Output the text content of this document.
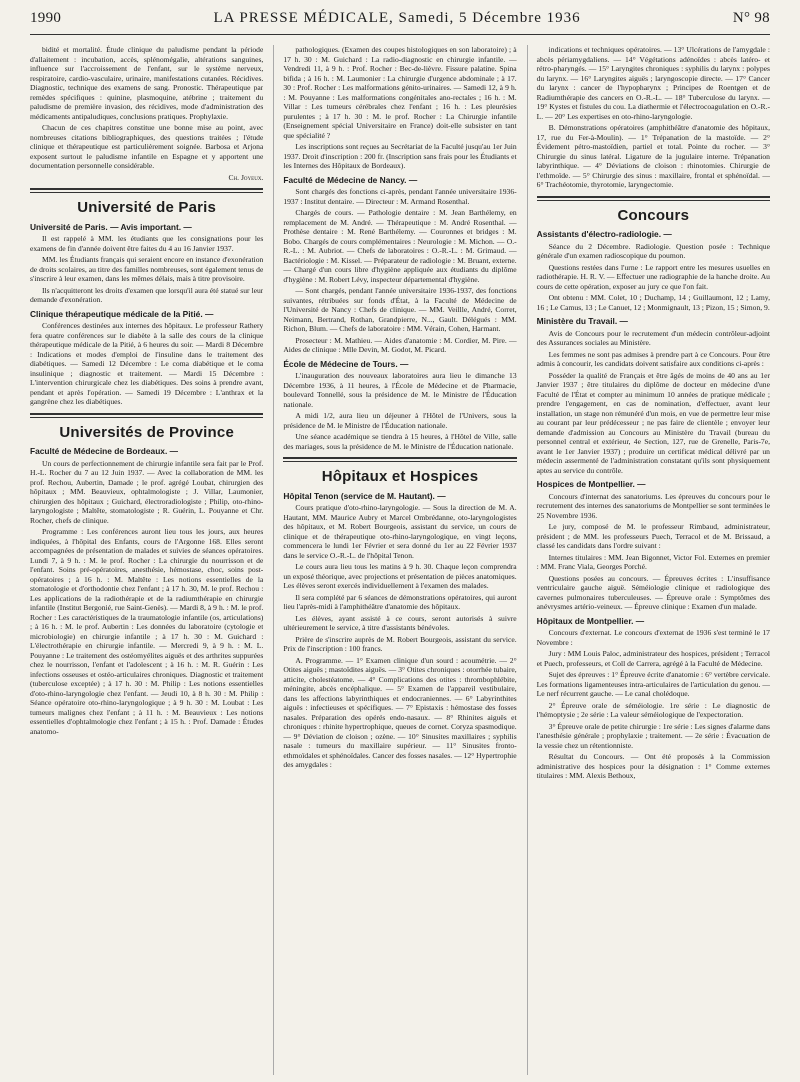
1990	LA PRESSE MÉDICALE, Samedi, 5 Décembre 1936	N° 98

bidité et mortalité. Étude clinique du paludisme pendant la période d'allaitement : incubation, accès, splénomégalie, altérations sanguines, influence sur l'accroissement de l'enfant, sur le système nerveux, respiratoire, cardio-vasculaire, urinaire, manifestations cutanées. Récidives. Diagnostic, technique des examens de sang. Pronostic. Thérapeutique par remèdes spécifiques : quinine, plasmoquine, atébrine ; traitement du paludisme de première invasion, des récidives, mode d'administration des médicaments antipaludiques, conclusions pratiques. Prophylaxie.

Chacun de ces chapitres constitue une bonne mise au point, avec nombreuses citations bibliographiques, des questions traitées ; l'étude clinique et thérapeutique est particulièrement soignée. Barbosa et Arjona exposent surtout le paludisme infantile en Espagne et y apportent une documentation personnelle considérable.

Ch. Joyeux.
Université de Paris
Université de Paris. — Avis important. —

Il est rappelé à MM. les étudiants que les consignations pour les examens de fin d'année doivent être faites du 4 au 16 Janvier 1937.

MM. les Étudiants français qui seraient encore en instance d'exonération de droits scolaires, au titre des familles nombreuses, sont également tenus de s'inscrire à leur examen, dans les mêmes délais, mais à titre provisoire.

Ils n'acquitteront les droits d'examen que lorsqu'il aura été statué sur leur demande d'exonération.

Clinique thérapeutique médicale de la Pitié. —

Conférences destinées aux internes des hôpitaux. Le professeur Rathery fera quatre conférences sur le diabète à la salle des cours de la clinique thérapeutique médicale de la Pitié, à 6 heures du soir. — Mardi 8 Décembre : Indications et modes d'emploi de l'insuline dans le traitement des diabétiques. — Samedi 12 Décembre : Le coma diabétique et le coma insulinique ; diagnostic et traitement. — Mardi 15 Décembre : L'intervention chirurgicale chez les diabétiques. Des soins à prendre avant, pendant et après l'opération. — Samedi 19 Décembre : L'anthrax et la gangrène chez les diabétiques.

Universités de Province
Faculté de Médecine de Bordeaux. —

Un cours de perfectionnement de chirurgie infantile sera fait par le Prof. H.-L. Rocher du 7 au 12 Juin 1937. — Avec la collaboration de MM. les prof. Rechou, Aubertin, Damade ; le prof. agrégé Loubat, chirurgien des hôpitaux ; MM. Beauvieux, ophtalmologiste ; J. Villar, Laumonier, chirurgien des hôpitaux ; Guichard, électroradiologiste ; Philip, oto-rhino-laryngologiste ; Maltête, stomatologiste ; R. Guérin, L. Pouyanne et Chr. Rocher, chefs de clinique.

Programme : Les conférences auront lieu tous les jours, aux heures indiquées, à l'hôpital des Enfants, cours de l'Argonne 168. Elles seront accompagnées de présentation de malades et suivies de séances opératoires. Lundi 7, à 9 h. : M. le prof. Rocher : La chirurgie du nourrisson et de l'enfant. Soins pré-opératoires, anesthésie, hémostase, choc, soins post-opératoires ; à 16 h. : M. Maltête : Les notions essentielles de la stomatologie et d'orthodontie chez l'enfant ; à 17 h. 30, M. le prof. Rechou : Les applications de la radiothérapie et de la radiumthérapie en chirurgie infantile (Institut Bergonié, rue Saint-Genès). — Mardi 8, à 9 h. : M. le prof. Rocher : Les caractéristiques de la traumatologie infantile (os, articulations) ; à 16 h. : M. le prof. Aubertin : Les données du laboratoire (cytologie et microbiologie) en chirurgie infantile ; à 17 h. 30 : M. Guichard : L'électrothérapie en chirurgie infantile. — Mercredi 9, à 9 h. : M. L. Pouyanne : Le traitement des ostéomyélites aiguës et des arthrites suppurées chez le nourrisson, l'enfant et l'adolescent ; à 16 h. : M. R. Guérin : Les infections osseuses et ostéo-articulaires chroniques. Diagnostic et traitement (tuberculose exceptée) ; à 17 h. 30 : M. Philip : Les notions essentielles d'oto-rhino-laryngologie chez l'enfant. — Jeudi 10, à 8 h. 30 : M. Philip : Séance opératoire oto-rhino-laryngologique ; à 9 h. 30 : M. Loubat : Les tumeurs malignes chez l'enfant ; à 11 h. : M. Beauvieux : Les notions essentielles d'ophtalmologie chez l'enfant ; à 15 h. : Prof. Damade : Études anatomo-

pathologiques. (Examen des coupes histologiques en son laboratoire) ; à 17 h. 30 : M. Guichard : La radio-diagnostic en chirurgie infantile. — Vendredi 11, à 9 h. : Prof. Rocher : Bec-de-lièvre. Fissure palatine. Spina bifida ; à 16 h. : M. Laumonier : La chirurgie d'urgence abdominale ; à 17. 30 : Prof. Rocher : Les malformations génito-urinaires. — Samedi 12, à 9 h. : M. Pouyanne : Les malformations congénitales ano-rectales ; 16 h. : M. Villar : Les tumeurs cérébrales chez l'enfant ; 16 h. : Les pleurésies purulentes ; à 17 h. 30 : M. le prof. Rocher : La Chirurgie infantile (Enseignement spécial Universitaire en France) doit-elle subsister en tant que spécialité ?

Les inscriptions sont reçues au Secrétariat de la Faculté jusqu'au 1er Juin 1937. Droit d'inscription : 200 fr. (Inscription sans frais pour les Étudiants et les Internes des Hôpitaux de Bordeaux).

Faculté de Médecine de Nancy. —

Sont chargés des fonctions ci-après, pendant l'année universitaire 1936-1937 : Institut dentaire. — Directeur : M. Armand Rosenthal.

Chargés de cours. — Pathologie dentaire : M. Jean Barthélemy, en remplacement de M. André. — Thérapeutique : M. André Rosenthal. — Prothèse dentaire : M. René Barthélemy. — Couronnes et bridges : M. Bobo. Chargés de cours complémentaires : Neurologie : M. Michon. — O.-R.-L. : M. Aubriot. — Chefs de laboratoires : O.-R.-L. : M. Grimaud. — Bactériologie : M. Kissel. — Préparateur de radiologie : M. Bruant, externe. — Chargé d'un cours libre d'hygiène appliquée aux étudiants du diplôme d'hygiène : M. Robert Lévy, inspecteur départemental d'hygiène.

— Sont chargés, pendant l'année universitaire 1936-1937, des fonctions suivantes, rétribuées sur fonds d'État, à la Faculté de Médecine de l'Université de Nancy : Chefs de clinique. — MM. Veillle, André, Corret, Neimann, Bertrand, Rothan, Grandpierre, N..., Gault. Délégués : MM. Richon, Blum. — Chefs de laboratoire : MM. Vérain, Cohen, Harmant.

Prosecteur : M. Mathieu. — Aides d'anatomie : M. Cordier, M. Pire. — Aides de clinique : Mlle Devin, M. Godot, M. Picard.

École de Médecine de Tours. —

L'inauguration des nouveaux laboratoires aura lieu le dimanche 13 Décembre 1936, à 11 heures, à l'École de Médecine et de Pharmacie, boulevard Tonnellé, sous la présidence de M. le Ministre de l'Éducation nationale.

A midi 1/2, aura lieu un déjeuner à l'Hôtel de l'Univers, sous la présidence de M. le Ministre de l'Éducation nationale.

Une séance académique se tiendra à 15 heures, à l'Hôtel de Ville, salle des mariages, sous la présidence de M. le Ministre de l'Éducation nationale.

Hôpitaux et Hospices
Hôpital Tenon (service de M. Hautant). —

Cours pratique d'oto-rhino-laryngologie. — Sous la direction de M. A. Hautant, MM. Maurice Aubry et Marcel Ombrédanne, oto-laryngologistes des hôpitaux, et M. Robert Bourgeois, assistant du service, un cours de clinique et de thérapeutique oto-rhino-laryngologique, en vingt leçons, commencera le lundi 1er Février et sera donné du 1er au 22 Février 1937 dans le service O.-R.-L. de l'hôpital Tenon.

Le cours aura lieu tous les matins à 9 h. 30. Chaque leçon comprendra un exposé théorique, avec projections et présentation de pièces anatomiques. Les élèves seront exercés individuellement à l'examen des malades.

Il sera complété par 6 séances de démonstrations opératoires, qui auront lieu l'après-midi à l'amphithéâtre d'anatomie des hôpitaux.

Les élèves, ayant assisté à ce cours, seront autorisés à suivre ultérieurement le service, à titre d'assistants bénévoles.

Prière de s'inscrire auprès de M. Robert Bourgeois, assistant du service. Prix de l'inscription : 100 francs.

A. Programme. — 1° Examen clinique d'un sourd : acoumétrie. — 2° Otites aiguës ; mastoïdites aiguës. — 3° Otites chroniques : otorrhée tubaire, atticite, cholestéatome. — 4° Complications des otites : thrombophlébite, méningite, abcès encéphalique. — 5° Examen de l'appareil vestibulaire, dans les affections labyrinthiques et endocraniennes. — 6° Labyrinthites aiguës : infectieuses et spécifiques. — 7° Epistaxis : hémostase des fosses nasales. Préparation des opérés endo-nasaux. — 8° Rhinites aiguës et chroniques : rhinite hypertrophique, queues de cornet. Coryza spasmodique. — 9° Déviation de cloison ; ozène. — 10° Sinusites maxillaires ; syphilis nasale : tumeurs du maxillaire supérieur. — 11° Sinusites fronto-ethmoïdales et sphénoïdales. Cancer des fosses nasales. — 12° Hypertrophie des amygdales :

indications et techniques opératoires. — 13° Ulcérations de l'amygdale : abcès périamygdaliens. — 14° Végétations adénoïdes : abcès latéro- et rétro-pharyngés. — 15° Laryngites chroniques : syphilis du larynx : polypes du larynx. — 16° Laryngites aiguës ; laryngoscopie directe. — 17° Cancer du larynx : cancer de l'hypopharynx ; Principes de Roentgen et de Radiumthérapie des cancers en O.-R.-L. — 18° Tuberculose du larynx. — 19° Kystes et fistules du cou. La diathermie et l'électrocoagulation en O.-R.-L. — 20° Les expertises en oto-rhino-laryngologie.

B. Démonstrations opératoires (amphithéâtre d'anatomie des hôpitaux, 17, rue du Fer-à-Moulin). — 1° Trépanation de la mastoïde. — 2° Évidement pétro-mastoïdien, partiel et total. Pointe du rocher. — 3° Chirurgie du sinus latéral. Ligature de la jugulaire interne. Trépanation labyrinthique. — 4° Déviations de cloison : rhinotomies. Chirurgie de l'ethmoïde. — 5° Chirurgie des sinus : maxillaire, frontal et sphénoïdal. — 6° Trachéotomie, thyrotomie, laryngectomie.

Concours
Assistants d'électro-radiologie. —

Séance du 2 Décembre. Radiologie. Question posée : Technique générale d'un examen radioscopique du poumon.

Questions restées dans l'urne : Le rapport entre les mesures usuelles en radiothérapie. H. R. V. — Effectuer une radiographie de la hanche droite. Au cours de cette opération, exposer au jury ce que l'on fait.

Ont obtenu : MM. Colet, 10 ; Duchamp, 14 ; Guillaumont, 12 ; Lamy, 16 ; Le Camus, 13 ; Le Canuet, 12 ; Monmignault, 13 ; Pizon, 15 ; Simon, 9.

Ministère du Travail. —

Avis de Concours pour le recrutement d'un médecin contrôleur-adjoint des Assurances sociales au Ministère.

Les femmes ne sont pas admises à prendre part à ce Concours. Pour être admis à concourir, les candidats doivent satisfaire aux conditions ci-après :

Posséder la qualité de Français et être âgés de moins de 40 ans au 1er Janvier 1937 ; être titulaires du diplôme de docteur en médecine d'une Faculté de l'État et compter au minimum 10 années de pratique médicale ; prendre l'engagement, en cas de nomination, d'effectuer, avant leur installation, un stage non rémunéré d'un mois, en vue de permettre leur mise au courant par leur prédécesseur ; ne pas faire de clientèle ; envoyer leur demande d'admission au Concours au Ministère du Travail (bureau du personnel central et extérieur, 4e Section, 127, rue de Grenelle, Paris-7e, avant le 1er Janvier 1937) ; produire un certificat médical délivré par un médecin assermenté de l'administration constatant qu'ils sont physiquement aptes au service du contrôle.

Hospices de Montpellier. —

Concours d'internat des sanatoriums. Les épreuves du concours pour le recrutement des internes des sanatoriums de Montpellier se sont terminées le 25 Novembre 1936.

Le jury, composé de M. le professeur Rimbaud, administrateur, président ; de MM. les professeurs Puech, Terracol et de M. Brissaud, a classé les candidats dans l'ordre suivant :

Internes titulaires : MM. Jean Bigonnet, Victor Fol. Externes en premier : MM. Franc Viala, Georges Porché.

Questions posées au concours. — Épreuves écrites : L'insuffisance ventriculaire gauche aiguë. Séméiologie clinique et radiologique des cavernes pulmonaires tuberculeuses. — Épreuve orale : Symptômes des anévrysmes artério-veineux. — Épreuve clinique : Examen d'un malade.

Hôpitaux de Montpellier. —

Concours d'externat. Le concours d'externat de 1936 s'est terminé le 17 Novembre :

Jury : MM Louis Paloc, administrateur des hospices, président ; Terracol et Puech, professeurs, et Coll de Carrera, agrégé à la Faculté de Médecine.

Sujet des épreuves : 1° Épreuve écrite d'anatomie : 6° vertèbre cervicale. Les formations ligamenteuses intra-articulaires de l'articulation du genou. — Le nerf récurrent gauche. — Le canal cholédoque.

2° Épreuve orale de séméiologie. 1re série : Le diagnostic de l'hémoptysie ; 2e série : La valeur séméiologique de l'expectoration.

3° Épreuve orale de petite chirurgie : 1re série : Les signes d'alarme dans l'anesthésie générale ; prophylaxie ; traitement. — 2e série : Évacuation de la vessie chez un rétentionniste.

Résultat du Concours. — Ont été proposés à la Commission administrative des hospices pour la désignation : 1° Comme externes titulaires : MM. Alexis Bethoux,
